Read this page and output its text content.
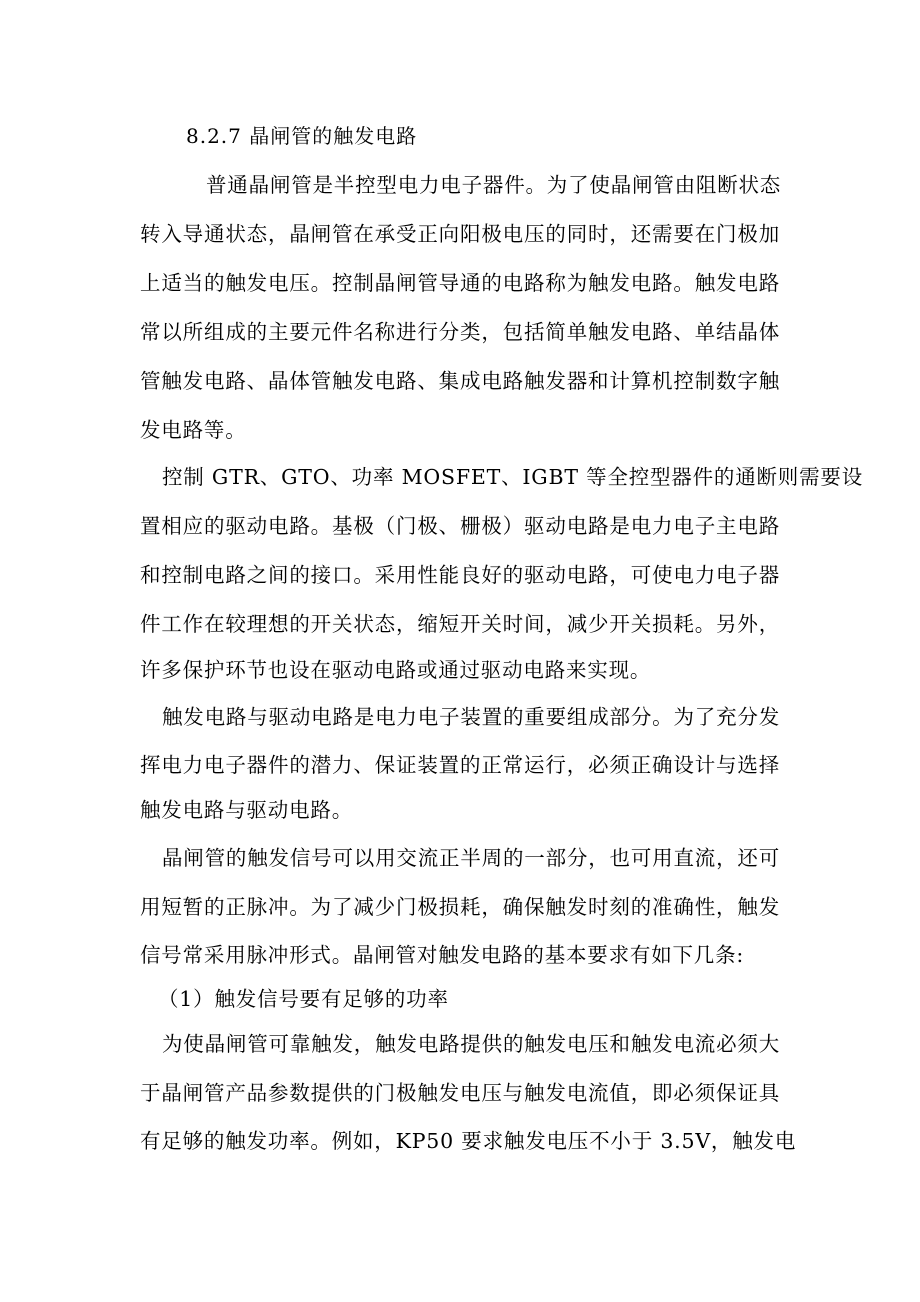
8.2.7 晶闸管的触发电路
普通晶闸管是半控型电力电子器件。为了使晶闸管由阻断状态
转入导通状态，晶闸管在承受正向阳极电压的同时，还需要在门极加
上适当的触发电压。控制晶闸管导通的电路称为触发电路。触发电路
常以所组成的主要元件名称进行分类，包括简单触发电路、单结晶体
管触发电路、晶体管触发电路、集成电路触发器和计算机控制数字触
发电路等。
控制 GTR、GTO、功率 MOSFET、IGBT 等全控型器件的通断则需要设
置相应的驱动电路。基极（门极、栅极）驱动电路是电力电子主电路
和控制电路之间的接口。采用性能良好的驱动电路，可使电力电子器
件工作在较理想的开关状态，缩短开关时间，减少开关损耗。另外，
许多保护环节也设在驱动电路或通过驱动电路来实现。
触发电路与驱动电路是电力电子装置的重要组成部分。为了充分发
挥电力电子器件的潜力、保证装置的正常运行，必须正确设计与选择
触发电路与驱动电路。
晶闸管的触发信号可以用交流正半周的一部分，也可用直流，还可
用短暂的正脉冲。为了减少门极损耗，确保触发时刻的准确性，触发
信号常采用脉冲形式。晶闸管对触发电路的基本要求有如下几条:
（1）触发信号要有足够的功率
为使晶闸管可靠触发，触发电路提供的触发电压和触发电流必须大
于晶闸管产品参数提供的门极触发电压与触发电流值，即必须保证具
有足够的触发功率。例如，KP50 要求触发电压不小于 3.5V，触发电
